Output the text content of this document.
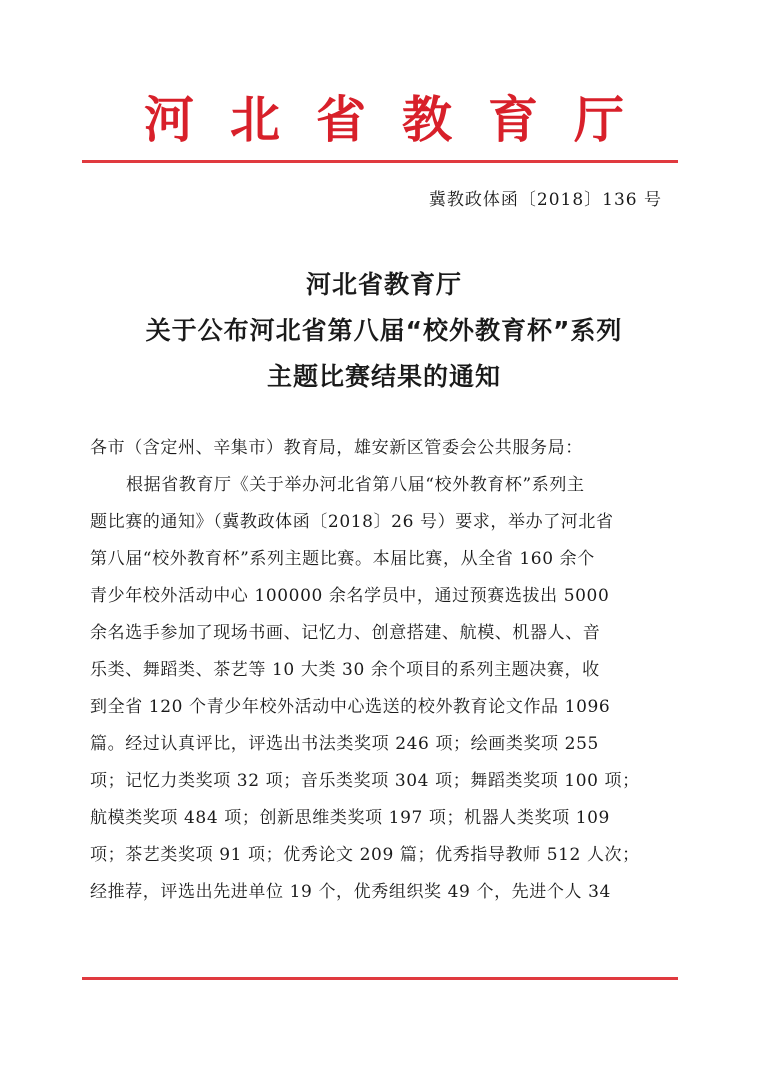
河北省教育厅
冀教政体函〔2018〕136 号
河北省教育厅
关于公布河北省第八届“校外教育杯”系列
主题比赛结果的通知

各市（含定州、辛集市）教育局，雄安新区管委会公共服务局：

根据省教育厅《关于举办河北省第八届“校外教育杯”系列主
题比赛的通知》（冀教政体函〔2018〕26 号）要求，举办了河北省
第八届“校外教育杯”系列主题比赛。本届比赛，从全省 160 余个
青少年校外活动中心 100000 余名学员中，通过预赛选拔出 5000
余名选手参加了现场书画、记忆力、创意搭建、航模、机器人、音
乐类、舞蹈类、茶艺等 10 大类 30 余个项目的系列主题决赛，收
到全省 120 个青少年校外活动中心选送的校外教育论文作品 1096
篇。经过认真评比，评选出书法类奖项 246 项；绘画类奖项 255
项；记忆力类奖项 32 项；音乐类奖项 304 项；舞蹈类奖项 100 项；
航模类奖项 484 项；创新思维类奖项 197 项；机器人类奖项 109
项；茶艺类奖项 91 项；优秀论文 209 篇；优秀指导教师 512 人次；
经推荐，评选出先进单位 19 个，优秀组织奖 49 个，先进个人 34
